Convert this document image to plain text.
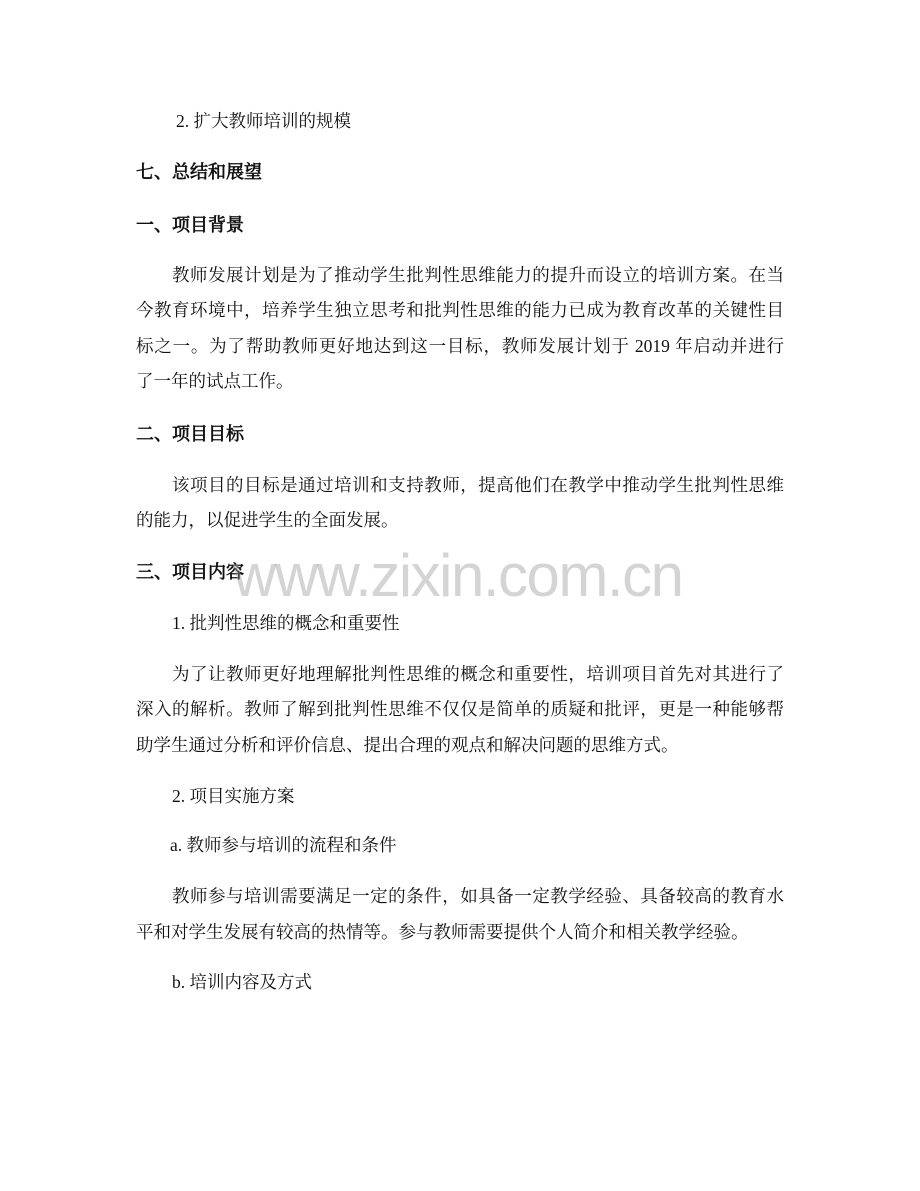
2. 扩大教师培训的规模
七、总结和展望
一、项目背景
教师发展计划是为了推动学生批判性思维能力的提升而设立的培训方案。在当
今教育环境中，培养学生独立思考和批判性思维的能力已成为教育改革的关键性目
标之一。为了帮助教师更好地达到这一目标，教师发展计划于 2019 年启动并进行
了一年的试点工作。
二、项目目标
该项目的目标是通过培训和支持教师，提高他们在教学中推动学生批判性思维
的能力，以促进学生的全面发展。
三、项目内容
1. 批判性思维的概念和重要性
为了让教师更好地理解批判性思维的概念和重要性，培训项目首先对其进行了
深入的解析。教师了解到批判性思维不仅仅是简单的质疑和批评，更是一种能够帮
助学生通过分析和评价信息、提出合理的观点和解决问题的思维方式。
2. 项目实施方案
a. 教师参与培训的流程和条件
教师参与培训需要满足一定的条件，如具备一定教学经验、具备较高的教育水
平和对学生发展有较高的热情等。参与教师需要提供个人简介和相关教学经验。
b. 培训内容及方式
www.zixin.com.cn
